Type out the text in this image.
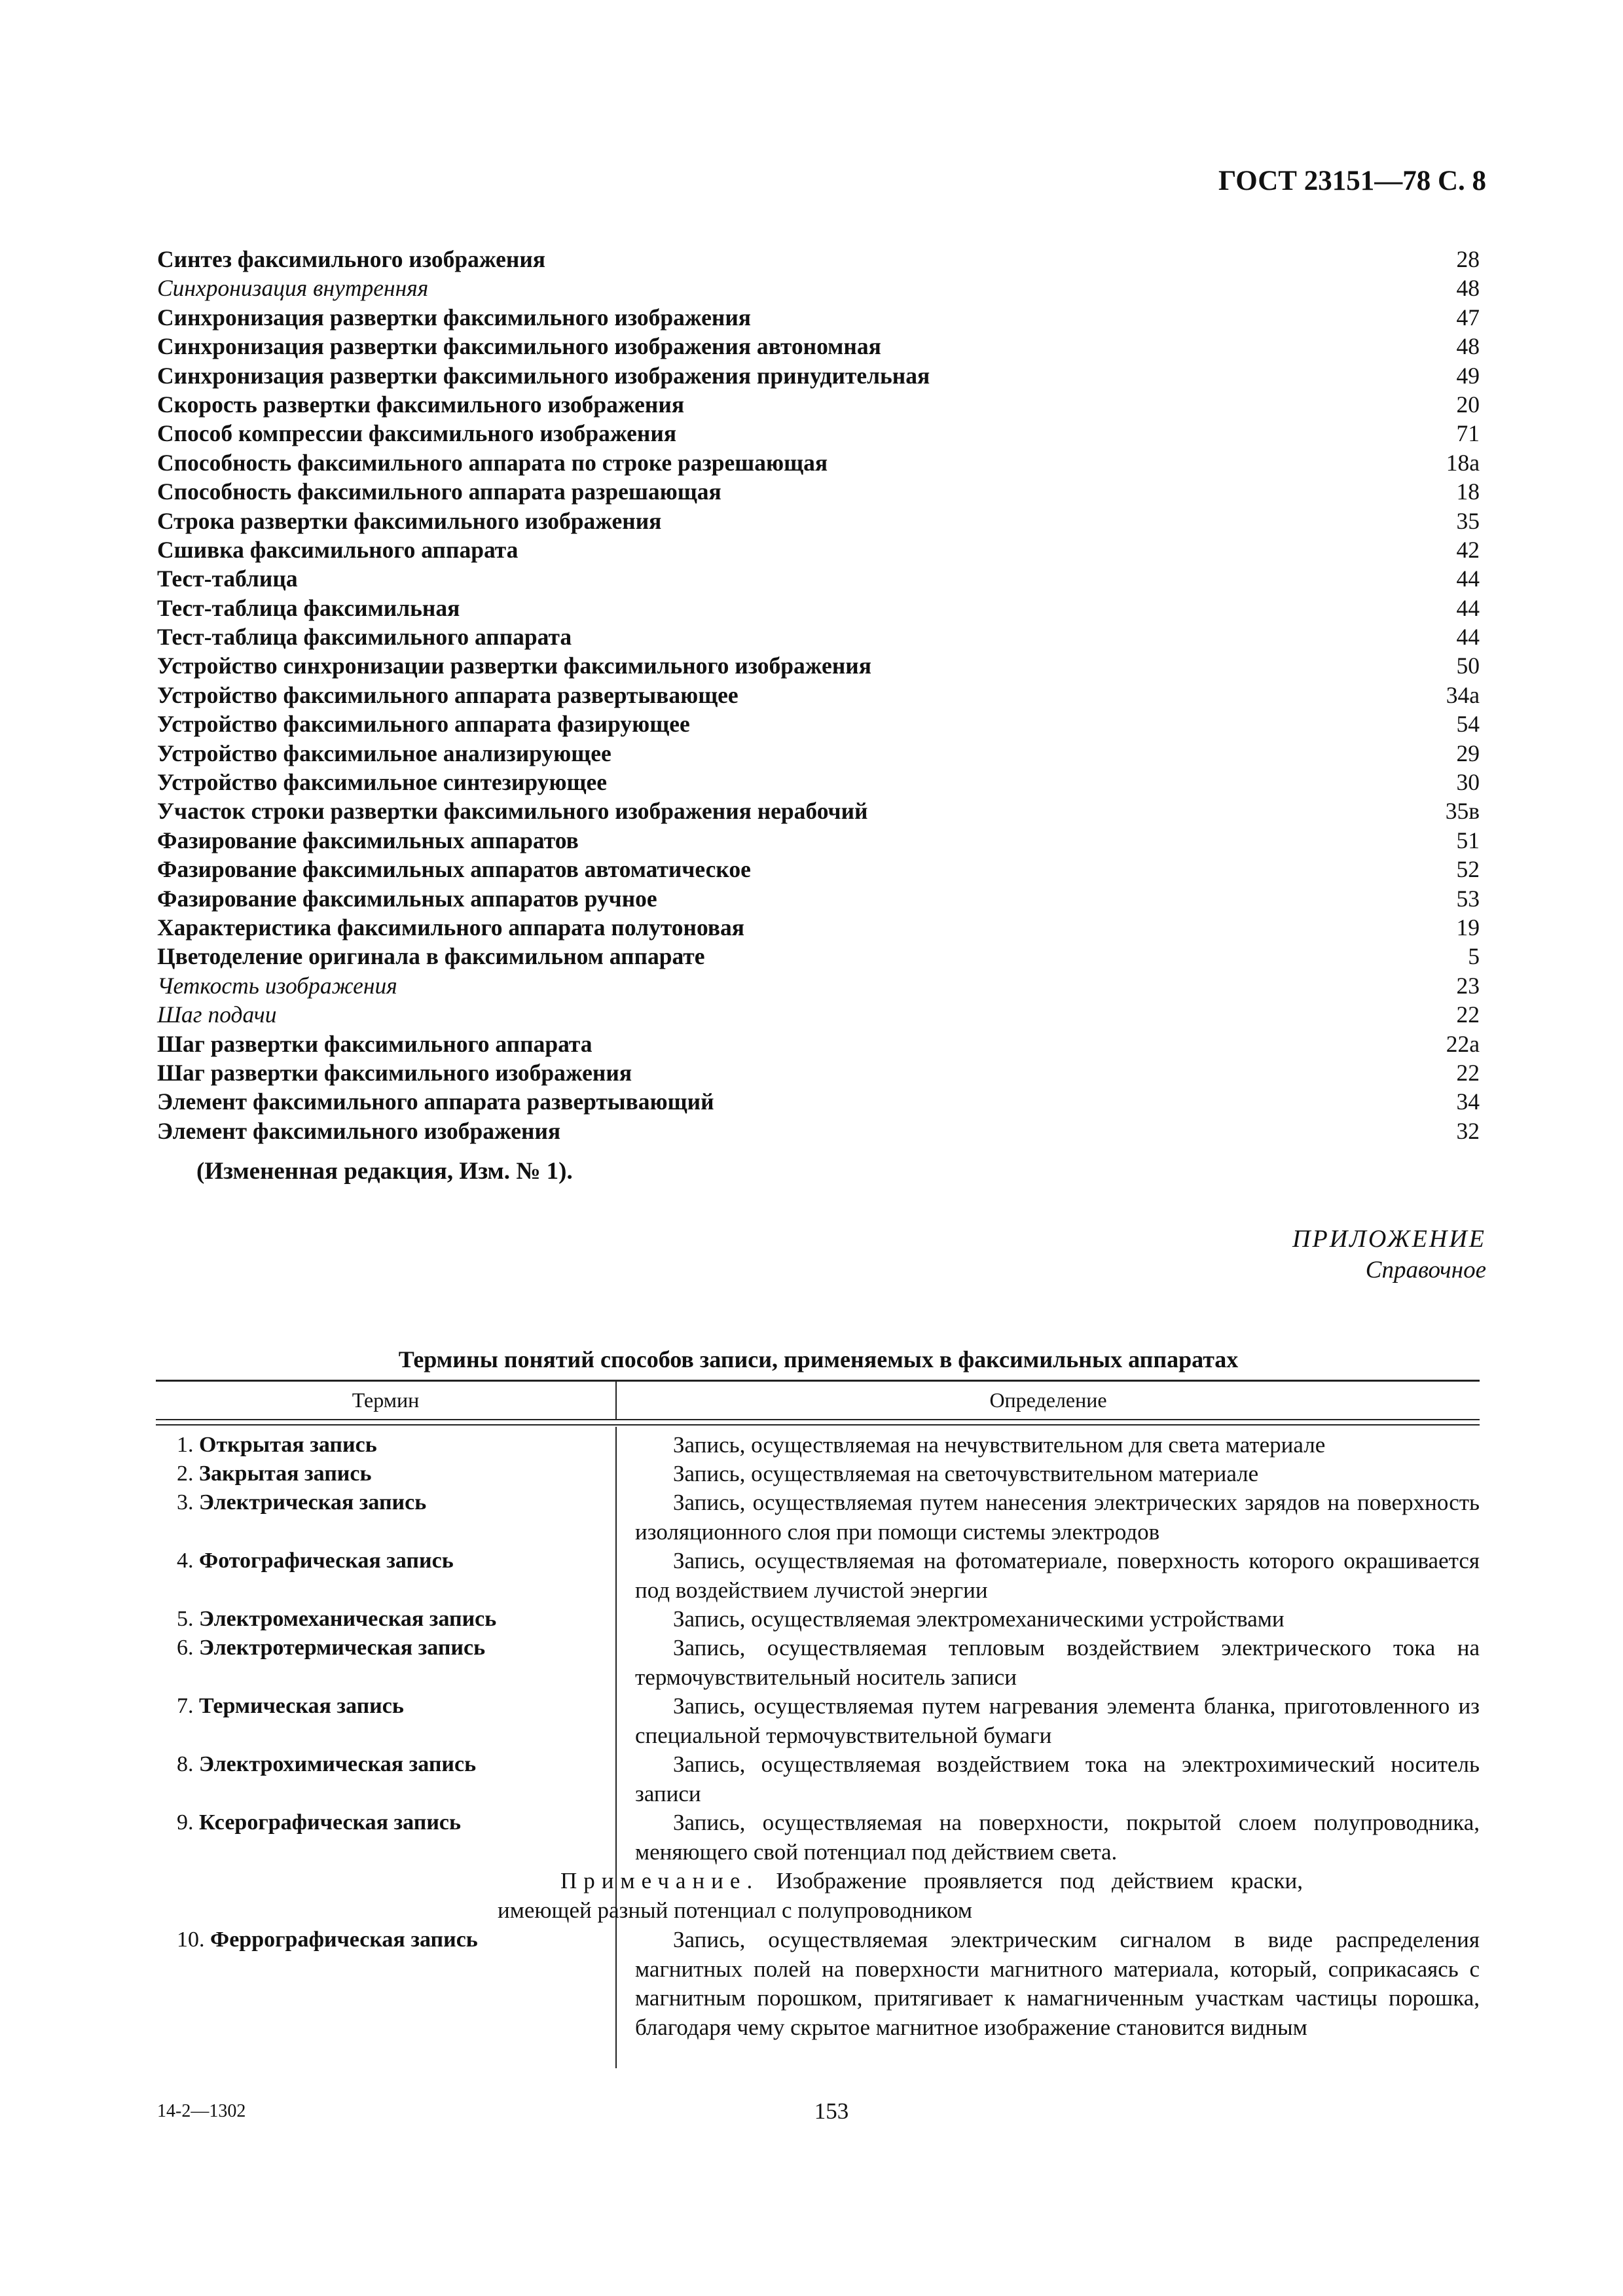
ГОСТ 23151—78 С. 8
Синтез факсимильного изображения	28
Синхронизация внутренняя	48
Синхронизация развертки факсимильного изображения	47
Синхронизация развертки факсимильного изображения автономная	48
Синхронизация развертки факсимильного изображения принудительная	49
Скорость развертки факсимильного изображения	20
Способ компрессии факсимильного изображения	71
Способность факсимильного аппарата по строке разрешающая	18а
Способность факсимильного аппарата разрешающая	18
Строка развертки факсимильного изображения	35
Сшивка факсимильного аппарата	42
Тест-таблица	44
Тест-таблица факсимильная	44
Тест-таблица факсимильного аппарата	44
Устройство синхронизации развертки факсимильного изображения	50
Устройство факсимильного аппарата развертывающее	34а
Устройство факсимильного аппарата фазирующее	54
Устройство факсимильное анализирующее	29
Устройство факсимильное синтезирующее	30
Участок строки развертки факсимильного изображения нерабочий	35в
Фазирование факсимильных аппаратов	51
Фазирование факсимильных аппаратов автоматическое	52
Фазирование факсимильных аппаратов ручное	53
Характеристика факсимильного аппарата полутоновая	19
Цветоделение оригинала в факсимильном аппарате	5
Четкость изображения	23
Шаг подачи	22
Шаг развертки факсимильного аппарата	22а
Шаг развертки факсимильного изображения	22
Элемент факсимильного аппарата развертывающий	34
Элемент факсимильного изображения	32

(Измененная редакция, Изм. № 1).

ПРИЛОЖЕНИЕ
Справочное

Термины понятий способов записи, применяемых в факсимильных аппаратах

Термин	Определение
1. Открытая запись	Запись, осуществляемая на нечувствительном для света материале

2. Закрытая запись	Запись, осуществляемая на светочувствительном материале

3. Электрическая запись	Запись, осуществляемая путем нанесения электрических зарядов на поверхность изоляционного слоя при помощи системы электродов

4. Фотографическая запись	Запись, осуществляемая на фотоматериале, поверхность которого окрашивается под воздействием лучистой энергии

5. Электромеханическая запись	Запись, осуществляемая электромеханическими устройствами

6. Электротермическая запись	Запись, осуществляемая тепловым воздействием электрического тока на термочувствительный носитель записи

7. Термическая запись	Запись, осуществляемая путем нагревания элемента бланка, приготовленного из специальной термочувствительной бумаги

8. Электрохимическая запись	Запись, осуществляемая воздействием тока на электрохимический носитель записи

9. Ксерографическая запись	Запись, осуществляемая на поверхности, покрытой слоем полупроводника, меняющего свой потенциал под действием света.

Примечание. Изображение проявляется под действием краски, имеющей разный потенциал с полупроводником

10. Феррографическая запись	Запись, осуществляемая электрическим сигналом в виде распределения магнитных полей на поверхности магнитного материала, который, соприкасаясь с магнитным порошком, притягивает к намагниченным участкам частицы порошка, благодаря чему скрытое магнитное изображение становится видным

14-2—1302	153
